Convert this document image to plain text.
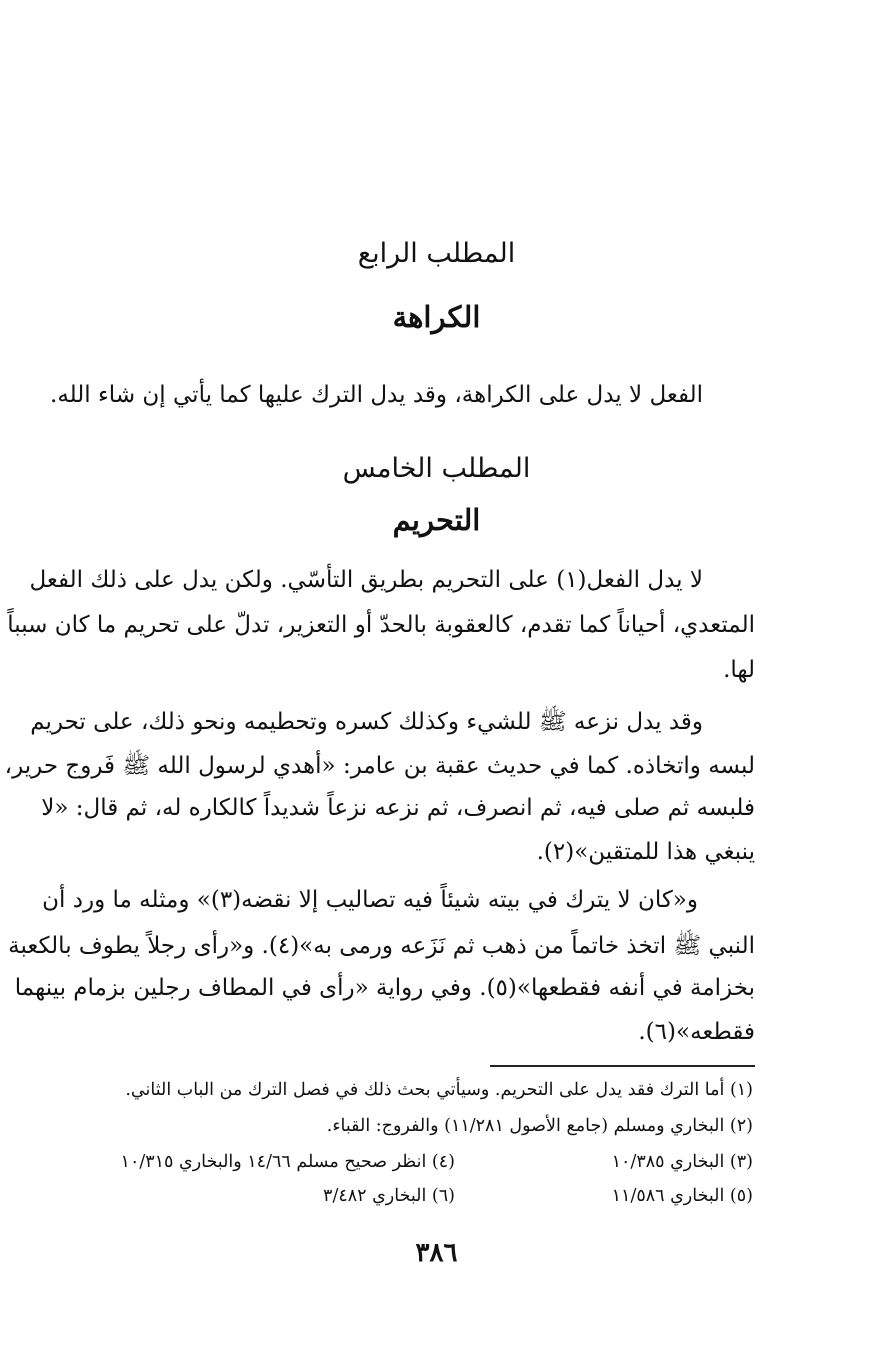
المطلب الرابع
الكراهة
الفعل لا يدل على الكراهة، وقد يدل الترك عليها كما يأتي إن شاء الله.
المطلب الخامس
التحريم
لا يدل الفعل(١) على التحريم بطريق التأسّي. ولكن يدل على ذلك الفعل
المتعدي، أحياناً كما تقدم، كالعقوبة بالحدّ أو التعزير، تدلّ على تحريم ما كان سبباً
لها.
وقد يدل نزعه ﷺ للشيء وكذلك كسره وتحطيمه ونحو ذلك، على تحريم
لبسه واتخاذه. كما في حديث عقبة بن عامر: «أهدي لرسول الله ﷺ فَروج حرير،
فلبسه ثم صلى فيه، ثم انصرف، ثم نزعه نزعاً شديداً كالكاره له، ثم قال: «لا
ينبغي هذا للمتقين»(٢).
و«كان لا يترك في بيته شيئاً فيه تصاليب إلا نقضه(٣)» ومثله ما ورد أن
النبي ﷺ اتخذ خاتماً من ذهب ثم نَزَعه ورمى به»(٤). و«رأى رجلاً يطوف بالكعبة
بخزامة في أنفه فقطعها»(٥). وفي رواية «رأى في المطاف رجلين بزمام بينهما
فقطعه»(٦).
(١) أما الترك فقد يدل على التحريم. وسيأتي بحث ذلك في فصل الترك من الباب الثاني.
(٢) البخاري ومسلم (جامع الأصول ١١/٢٨١) والفروج: القباء.
(٣) البخاري ١٠/٣٨٥
(٤) انظر صحيح مسلم ١٤/٦٦ والبخاري ١٠/٣١٥
(٥) البخاري ١١/٥٨٦
(٦) البخاري ٣/٤٨٢
٣٨٦
